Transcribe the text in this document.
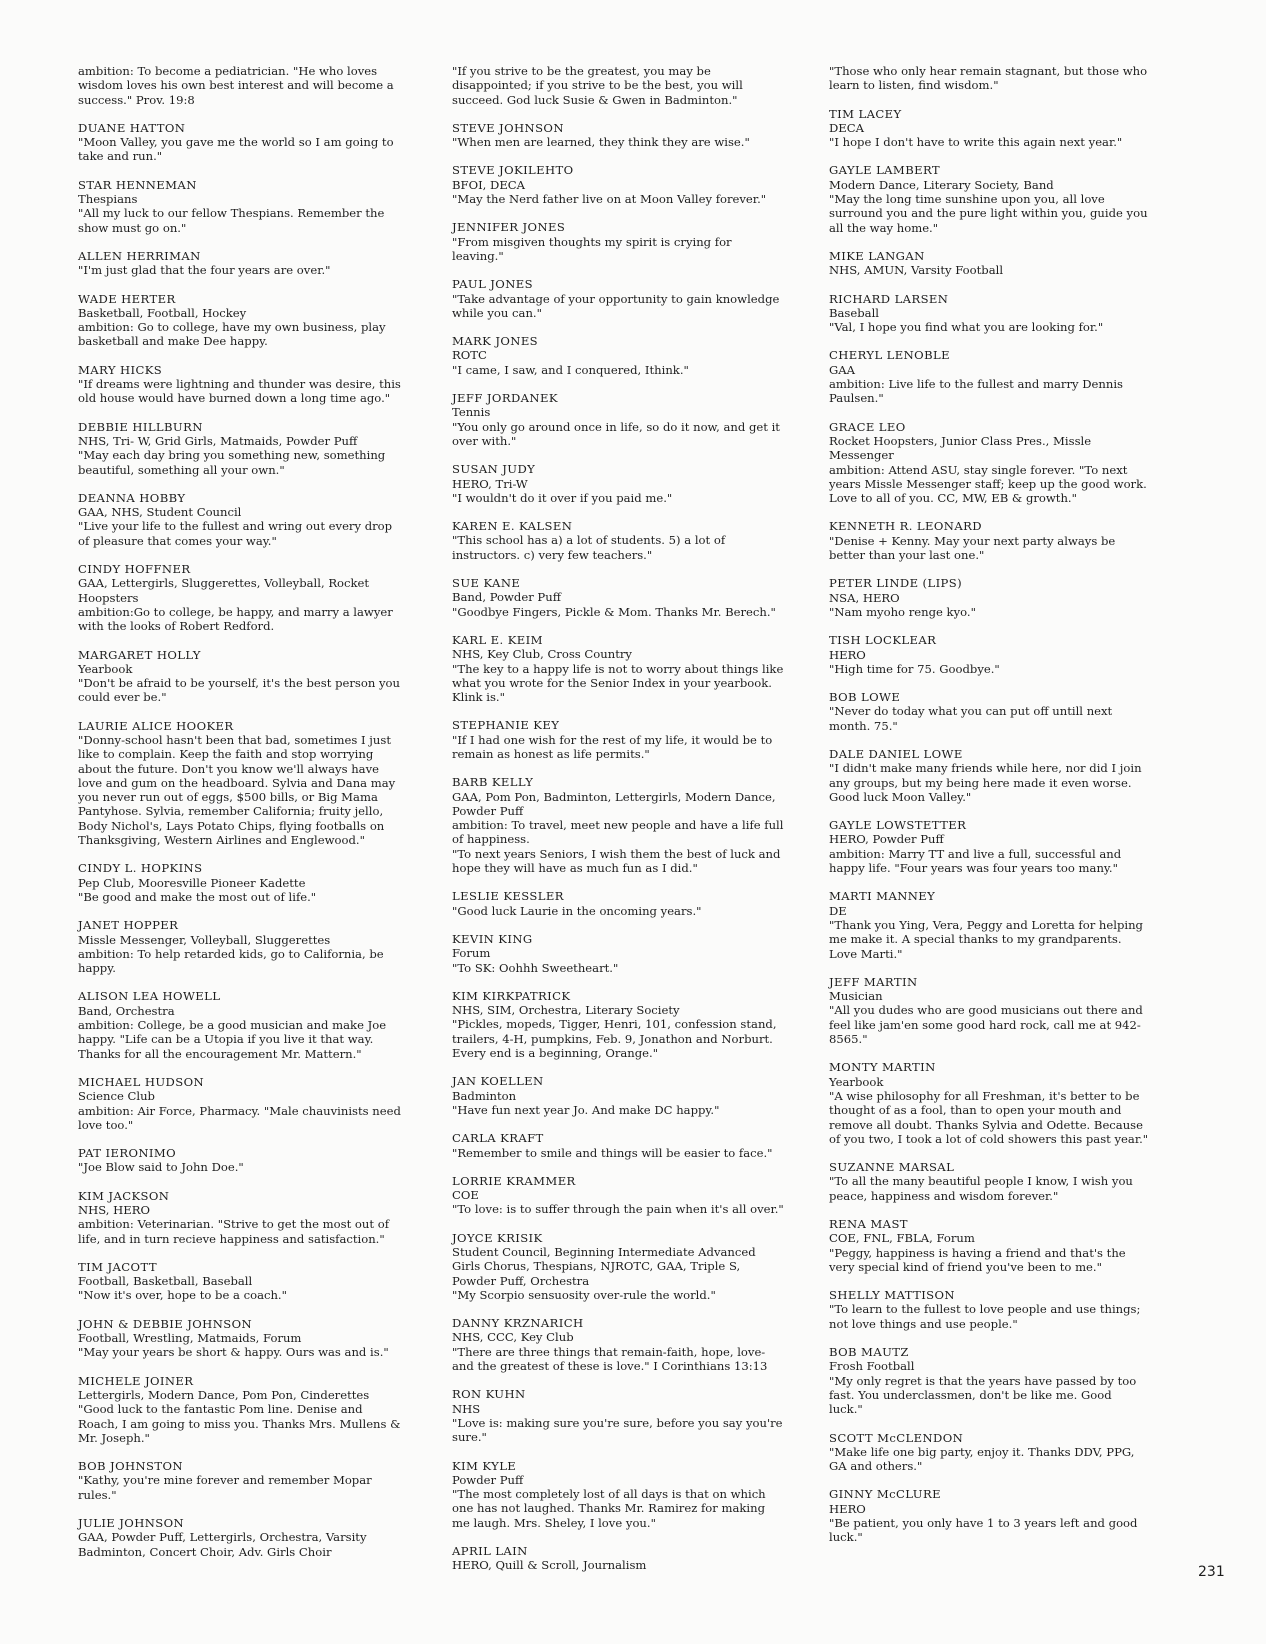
ambition: To become a pediatrician. "He who loves wisdom loves his own best interest and will become a success." Prov. 19:8
DUANE HATTON
"Moon Valley, you gave me the world so I am going to take and run."
STAR HENNEMAN
Thespians
"All my luck to our fellow Thespians. Remember the show must go on."
ALLEN HERRIMAN
"I'm just glad that the four years are over."
WADE HERTER
Basketball, Football, Hockey
ambition: Go to college, have my own business, play basketball and make Dee happy.
MARY HICKS
"If dreams were lightning and thunder was desire, this old house would have burned down a long time ago."
DEBBIE HILLBURN
NHS, Tri- W, Grid Girls, Matmaids, Powder Puff
"May each day bring you something new, something beautiful, something all your own."
DEANNA HOBBY
GAA, NHS, Student Council
"Live your life to the fullest and wring out every drop of pleasure that comes your way."
CINDY HOFFNER
GAA, Lettergirls, Sluggerettes, Volleyball, Rocket Hoopsters
ambition:Go to college, be happy, and marry a lawyer with the looks of Robert Redford.
MARGARET HOLLY
Yearbook
"Don't be afraid to be yourself, it's the best person you could ever be."
LAURIE ALICE HOOKER
"Donny-school hasn't been that bad, sometimes I just like to complain. Keep the faith and stop worrying about the future. Don't you know we'll always have love and gum on the headboard. Sylvia and Dana may you never run out of eggs, $500 bills, or Big Mama Pantyhose. Sylvia, remember California; fruity jello, Body Nichol's, Lays Potato Chips, flying footballs on Thanksgiving, Western Airlines and Englewood."
CINDY L. HOPKINS
Pep Club, Mooresville Pioneer Kadette
"Be good and make the most out of life."
JANET HOPPER
Missle Messenger, Volleyball, Sluggerettes
ambition: To help retarded kids, go to California, be happy.
ALISON LEA HOWELL
Band, Orchestra
ambition: College, be a good musician and make Joe happy. "Life can be a Utopia if you live it that way. Thanks for all the encouragement Mr. Mattern."
MICHAEL HUDSON
Science Club
ambition: Air Force, Pharmacy. "Male chauvinists need love too."
PAT IERONIMO
"Joe Blow said to John Doe."
KIM JACKSON
NHS, HERO
ambition: Veterinarian. "Strive to get the most out of life, and in turn recieve happiness and satisfaction."
TIM JACOTT
Football, Basketball, Baseball
"Now it's over, hope to be a coach."
JOHN & DEBBIE JOHNSON
Football, Wrestling, Matmaids, Forum
"May your years be short & happy. Ours was and is."
MICHELE JOINER
Lettergirls, Modern Dance, Pom Pon, Cinderettes
"Good luck to the fantastic Pom line. Denise and Roach, I am going to miss you. Thanks Mrs. Mullens & Mr. Joseph."
BOB JOHNSTON
"Kathy, you're mine forever and remember Mopar rules."
JULIE JOHNSON
GAA, Powder Puff, Lettergirls, Orchestra, Varsity Badminton, Concert Choir, Adv. Girls Choir
"If you strive to be the greatest, you may be disappointed; if you strive to be the best, you will succeed. God luck Susie & Gwen in Badminton."
STEVE JOHNSON
"When men are learned, they think they are wise."
STEVE JOKILEHTO
BFOI, DECA
"May the Nerd father live on at Moon Valley forever."
JENNIFER JONES
"From misgiven thoughts my spirit is crying for leaving."
PAUL JONES
"Take advantage of your opportunity to gain knowledge while you can."
MARK JONES
ROTC
"I came, I saw, and I conquered, Ithink."
JEFF JORDANEK
Tennis
"You only go around once in life, so do it now, and get it over with."
SUSAN JUDY
HERO, Tri-W
"I wouldn't do it over if you paid me."
KAREN E. KALSEN
"This school has a) a lot of students. 5) a lot of instructors. c) very few teachers."
SUE KANE
Band, Powder Puff
"Goodbye Fingers, Pickle & Mom. Thanks Mr. Berech."
KARL E. KEIM
NHS, Key Club, Cross Country
"The key to a happy life is not to worry about things like what you wrote for the Senior Index in your yearbook. Klink is."
STEPHANIE KEY
"If I had one wish for the rest of my life, it would be to remain as honest as life permits."
BARB KELLY
GAA, Pom Pon, Badminton, Lettergirls, Modern Dance, Powder Puff
ambition: To travel, meet new people and have a life full of happiness.
"To next years Seniors, I wish them the best of luck and hope they will have as much fun as I did."
LESLIE KESSLER
"Good luck Laurie in the oncoming years."
KEVIN KING
Forum
"To SK: Oohhh Sweetheart."
KIM KIRKPATRICK
NHS, SIM, Orchestra, Literary Society
"Pickles, mopeds, Tigger, Henri, 101, confession stand, trailers, 4-H, pumpkins, Feb. 9, Jonathon and Norburt. Every end is a beginning, Orange."
JAN KOELLEN
Badminton
"Have fun next year Jo. And make DC happy."
CARLA KRAFT
"Remember to smile and things will be easier to face."
LORRIE KRAMMER
COE
"To love: is to suffer through the pain when it's all over."
JOYCE KRISIK
Student Council, Beginning Intermediate Advanced Girls Chorus, Thespians, NJROTC, GAA, Triple S, Powder Puff, Orchestra
"My Scorpio sensuosity over-rule the world."
DANNY KRZNARICH
NHS, CCC, Key Club
"There are three things that remain-faith, hope, love- and the greatest of these is love." I Corinthians 13:13
RON KUHN
NHS
"Love is: making sure you're sure, before you say you're sure."
KIM KYLE
Powder Puff
"The most completely lost of all days is that on which one has not laughed. Thanks Mr. Ramirez for making me laugh. Mrs. Sheley, I love you."
APRIL LAIN
HERO, Quill & Scroll, Journalism
"Those who only hear remain stagnant, but those who learn to listen, find wisdom."
TIM LACEY
DECA
"I hope I don't have to write this again next year."
GAYLE LAMBERT
Modern Dance, Literary Society, Band
"May the long time sunshine upon you, all love surround you and the pure light within you, guide you all the way home."
MIKE LANGAN
NHS, AMUN, Varsity Football
RICHARD LARSEN
Baseball
"Val, I hope you find what you are looking for."
CHERYL LENOBLE
GAA
ambition: Live life to the fullest and marry Dennis Paulsen."
GRACE LEO
Rocket Hoopsters, Junior Class Pres., Missle Messenger
ambition: Attend ASU, stay single forever. "To next years Missle Messenger staff; keep up the good work. Love to all of you. CC, MW, EB & growth."
KENNETH R. LEONARD
"Denise + Kenny. May your next party always be better than your last one."
PETER LINDE (LIPS)
NSA, HERO
"Nam myoho renge kyo."
TISH LOCKLEAR
HERO
"High time for 75. Goodbye."
BOB LOWE
"Never do today what you can put off untill next month. 75."
DALE DANIEL LOWE
"I didn't make many friends while here, nor did I join any groups, but my being here made it even worse. Good luck Moon Valley."
GAYLE LOWSTETTER
HERO, Powder Puff
ambition: Marry TT and live a full, successful and happy life. "Four years was four years too many."
MARTI MANNEY
DE
"Thank you Ying, Vera, Peggy and Loretta for helping me make it. A special thanks to my grandparents. Love Marti."
JEFF MARTIN
Musician
"All you dudes who are good musicians out there and feel like jam'en some good hard rock, call me at 942-8565."
MONTY MARTIN
Yearbook
"A wise philosophy for all Freshman, it's better to be thought of as a fool, than to open your mouth and remove all doubt. Thanks Sylvia and Odette. Because of you two, I took a lot of cold showers this past year."
SUZANNE MARSAL
"To all the many beautiful people I know, I wish you peace, happiness and wisdom forever."
RENA MAST
COE, FNL, FBLA, Forum
"Peggy, happiness is having a friend and that's the very special kind of friend you've been to me."
SHELLY MATTISON
"To learn to the fullest to love people and use things; not love things and use people."
BOB MAUTZ
Frosh Football
"My only regret is that the years have passed by too fast. You underclassmen, don't be like me. Good luck."
SCOTT McCLENDON
"Make life one big party, enjoy it. Thanks DDV, PPG, GA and others."
GINNY McCLURE
HERO
"Be patient, you only have 1 to 3 years left and good luck."
231
